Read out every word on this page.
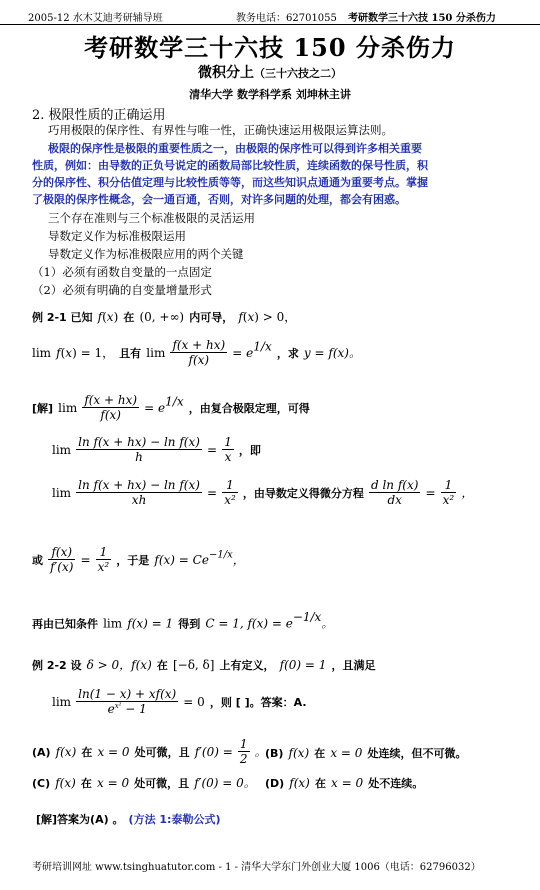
2005-12 水木艾迪考研辅导班	教务电话：62701055 考研数学三十六技 150 分杀伤力
考研数学三十六技 150 分杀伤力
微积分上（三十六技之二）
清华大学 数学科学系 刘坤林主讲
2. 极限性质的正确运用
巧用极限的保序性、有界性与唯一性，正确快速运用极限运算法则。
极限的保序性是极限的重要性质之一，由极限的保序性可以得到许多相关重要
性质，例如：由导数的正负号说定的函数局部比较性质，连续函数的保号性质，积
分的保序性、积分估值定理与比较性质等等，而这些知识点通通为重要考点。掌握
了极限的保序性概念，会一通百通，否则，对许多问题的处理，都会有困惑。
三个存在准则与三个标准极限的灵活运用
导数定义作为标准极限运用
导数定义作为标准极限应用的两个关键
（1）必须有函数自变量的一点固定
（2）必须有明确的自变量增量形式
例 2-1 已知 f(x) 在 (0, +∞) 内可导， f(x) > 0，
lim f(x) = 1， 且有 $\lim \frac{f(x + hx)}{f(x)} = e^{1/x}$ ，求 y = f(x)。
[解] $\lim \frac{f(x + hx)}{f(x)} = e^{1/x}$ ，由复合极限定理，可得
$\lim \frac{\text{ln f(x + hx) − ln f(x)}}{h} = \frac{1}{x}$ ，即
$\lim \frac{\text{ln f(x + hx) − ln f(x)}}{xh} = \frac{1}{\text{x²}}$ ，由导数定义得微分方程 $\frac{\text{d ln f(x)}}{dx} = \frac{1}{\text{x²}}$ ，
或 $\frac{f(x)}{f'(x)} = \frac{1}{\text{x²}}$ ，于是 $f(x) = Ce^{-1/x}$，
再由已知条件 lim f(x) = 1 得到 C = 1, $f(x) = e^{-1/x}$。
例 2-2 设 δ > 0，f(x) 在 [−δ, δ] 上有定义， f(0) = 1 ，且满足
$\lim \frac{\ln(1 - x) + xf(x)}{e^{x^2} - 1} = 0$ ，则 [ ]。答案：A.
(A) f(x) 在 x = 0 处可微，且 $f'(0) = \frac{1}{2}$ 。
(B) f(x) 在 x = 0 处连续，但不可微。
(C) f(x) 在 x = 0 处可微，且 f′(0) = 0。 (D) f(x) 在 x = 0 处不连续。
[解]答案为(A) 。 (方法 1:泰勒公式)
考研培训网址 www.tsinghuatutor.com - 1 - 清华大学东门外创业大厦 1006（电话：62796032）
